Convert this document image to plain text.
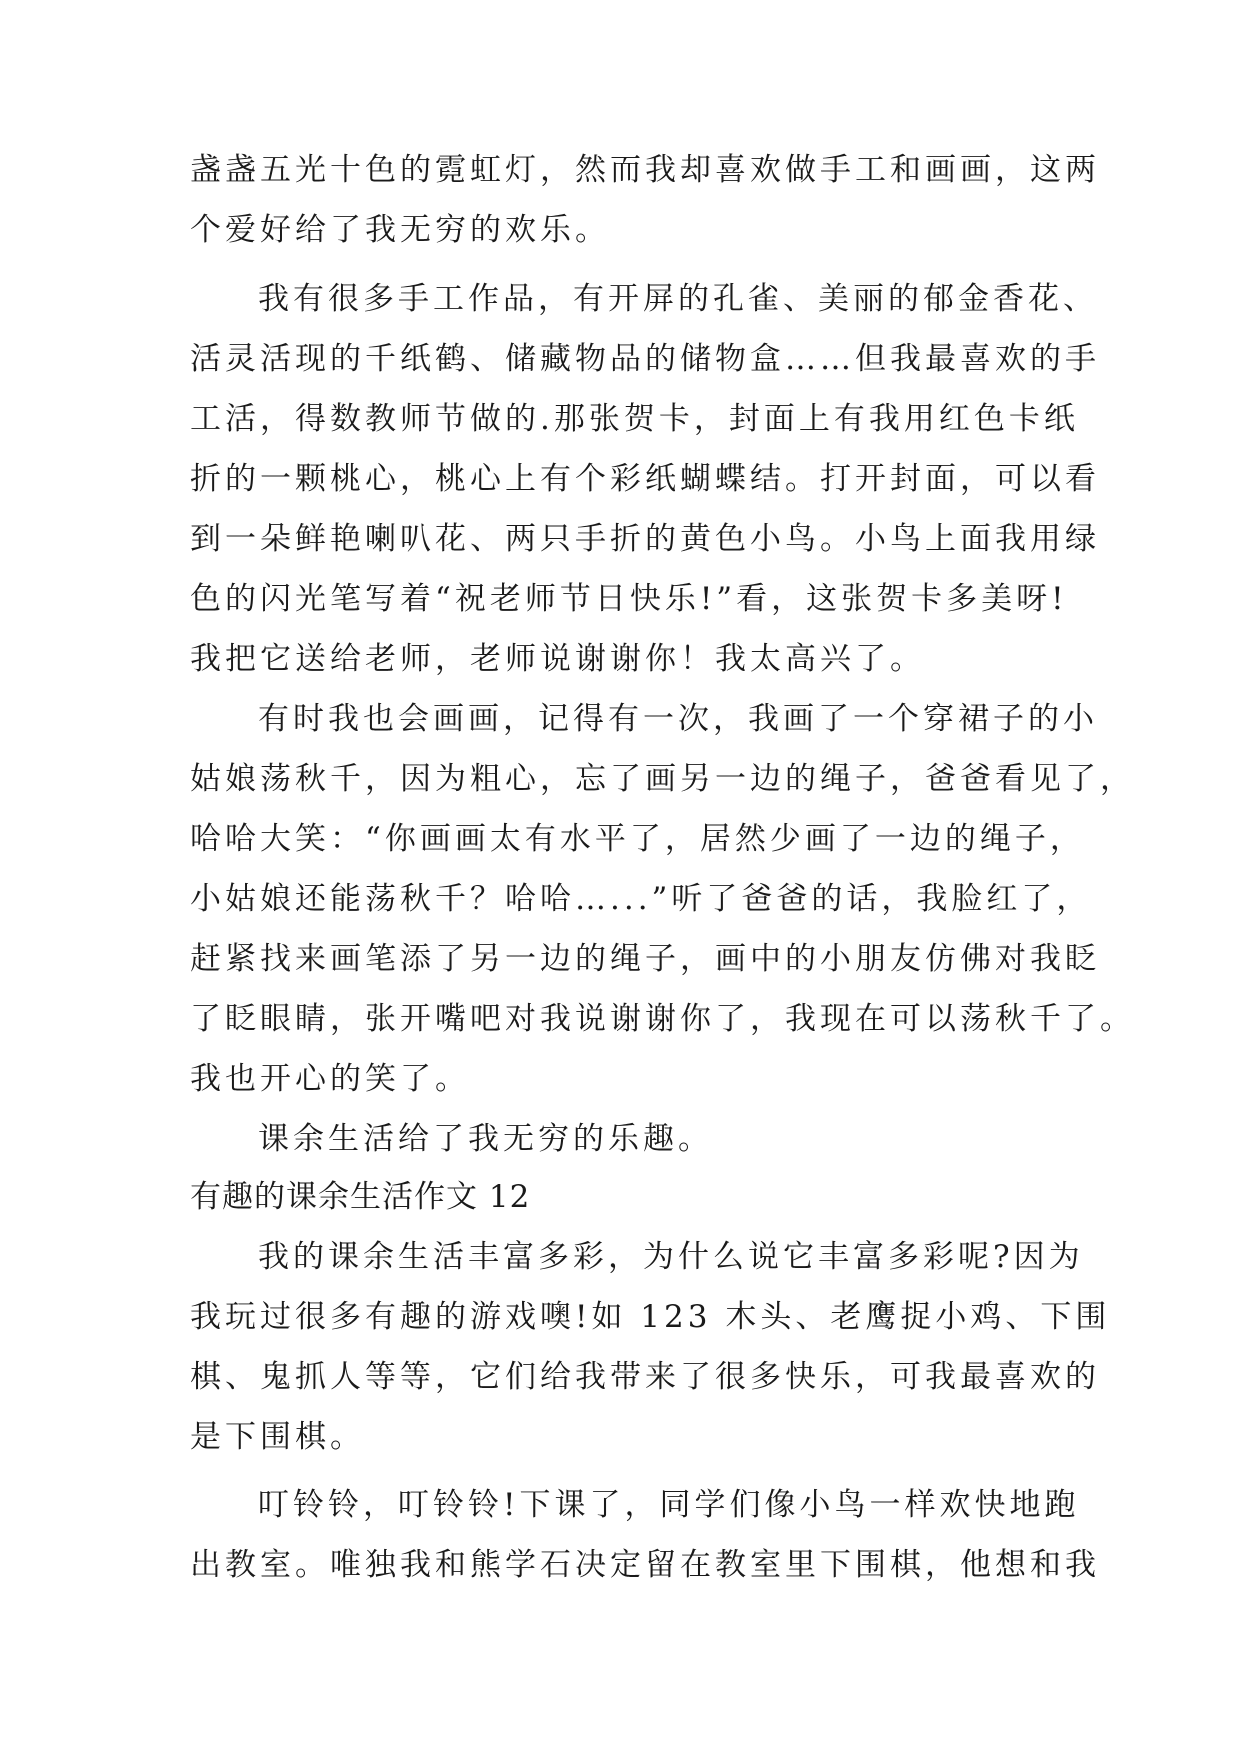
盏盏五光十色的霓虹灯，然而我却喜欢做手工和画画，这两
个爱好给了我无穷的欢乐。
我有很多手工作品，有开屏的孔雀、美丽的郁金香花、
活灵活现的千纸鹤、储藏物品的储物盒……但我最喜欢的手
工活，得数教师节做的.那张贺卡，封面上有我用红色卡纸
折的一颗桃心，桃心上有个彩纸蝴蝶结。打开封面，可以看
到一朵鲜艳喇叭花、两只手折的黄色小鸟。小鸟上面我用绿
色的闪光笔写着“祝老师节日快乐!”看，这张贺卡多美呀!
我把它送给老师，老师说谢谢你！我太高兴了。
有时我也会画画，记得有一次，我画了一个穿裙子的小
姑娘荡秋千，因为粗心，忘了画另一边的绳子，爸爸看见了，
哈哈大笑：“你画画太有水平了，居然少画了一边的绳子，
小姑娘还能荡秋千？哈哈…...”听了爸爸的话，我脸红了，
赶紧找来画笔添了另一边的绳子，画中的小朋友仿佛对我眨
了眨眼睛，张开嘴吧对我说谢谢你了，我现在可以荡秋千了。
我也开心的笑了。
课余生活给了我无穷的乐趣。
有趣的课余生活作文 12
我的课余生活丰富多彩，为什么说它丰富多彩呢?因为
我玩过很多有趣的游戏噢!如 123 木头、老鹰捉小鸡、下围
棋、鬼抓人等等，它们给我带来了很多快乐，可我最喜欢的
是下围棋。
叮铃铃，叮铃铃!下课了，同学们像小鸟一样欢快地跑
出教室。唯独我和熊学石决定留在教室里下围棋，他想和我
